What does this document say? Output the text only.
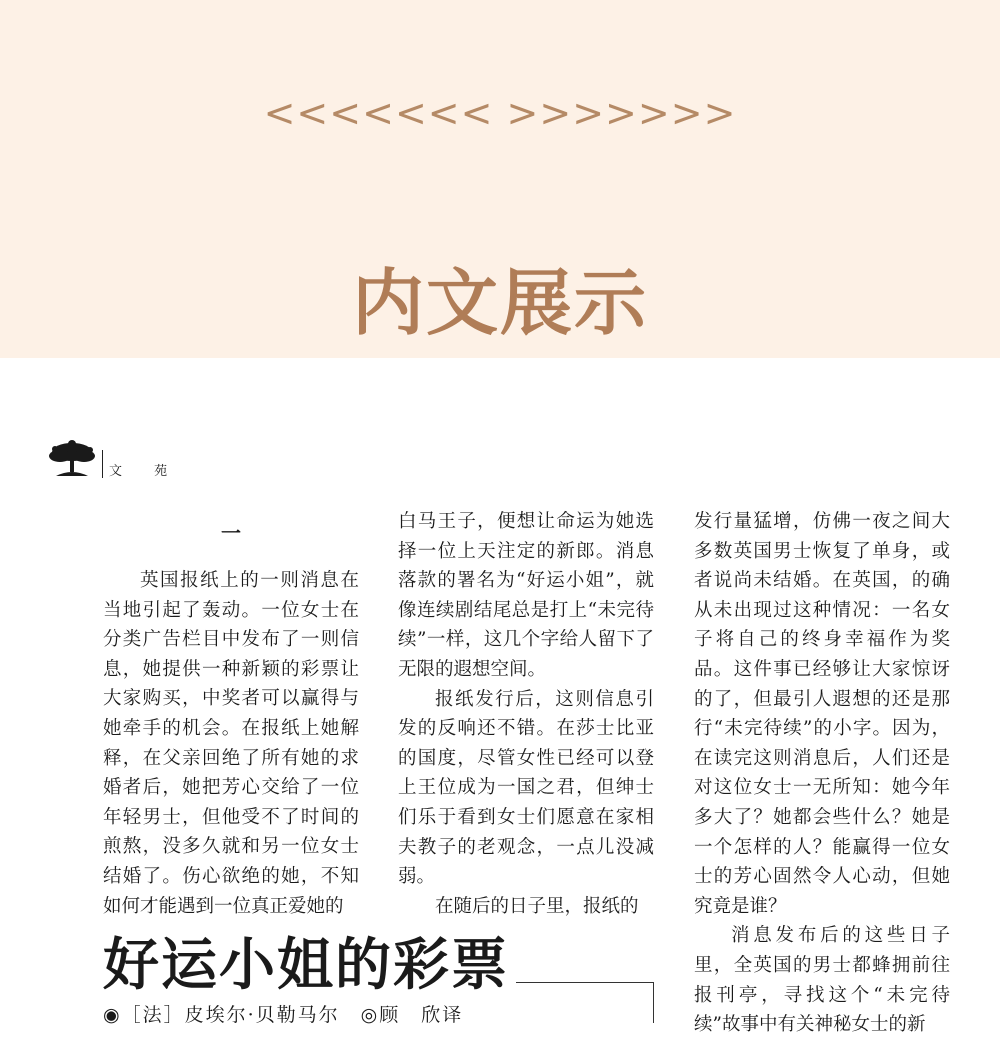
<<<<<<< >>>>>>>
内文展示
文 苑
一

英国报纸上的一则消息在当地引起了轰动。一位女士在分类广告栏目中发布了一则信息，她提供一种新颖的彩票让大家购买，中奖者可以赢得与她牵手的机会。在报纸上她解释，在父亲回绝了所有她的求婚者后，她把芳心交给了一位年轻男士，但他受不了时间的煎熬，没多久就和另一位女士结婚了。伤心欲绝的她，不知如何才能遇到一位真正爱她的

白马王子，便想让命运为她选择一位上天注定的新郎。消息落款的署名为“好运小姐”，就像连续剧结尾总是打上“未完待续”一样，这几个字给人留下了无限的遐想空间。

报纸发行后，这则信息引发的反响还不错。在莎士比亚的国度，尽管女性已经可以登上王位成为一国之君，但绅士们乐于看到女士们愿意在家相夫教子的老观念，一点儿没减弱。

在随后的日子里，报纸的

发行量猛增，仿佛一夜之间大多数英国男士恢复了单身，或者说尚未结婚。在英国，的确从未出现过这种情况：一名女子将自己的终身幸福作为奖品。这件事已经够让大家惊讶的了，但最引人遐想的还是那行“未完待续”的小字。因为，在读完这则消息后，人们还是对这位女士一无所知：她今年多大了？她都会些什么？她是一个怎样的人？能赢得一位女士的芳心固然令人心动，但她究竟是谁？

消息发布后的这些日子里，全英国的男士都蜂拥前往报刊亭，寻找这个“未完待续”故事中有关神秘女士的新

好运小姐的彩票
◉［法］皮埃尔·贝勒马尔　◎顾　欣译
